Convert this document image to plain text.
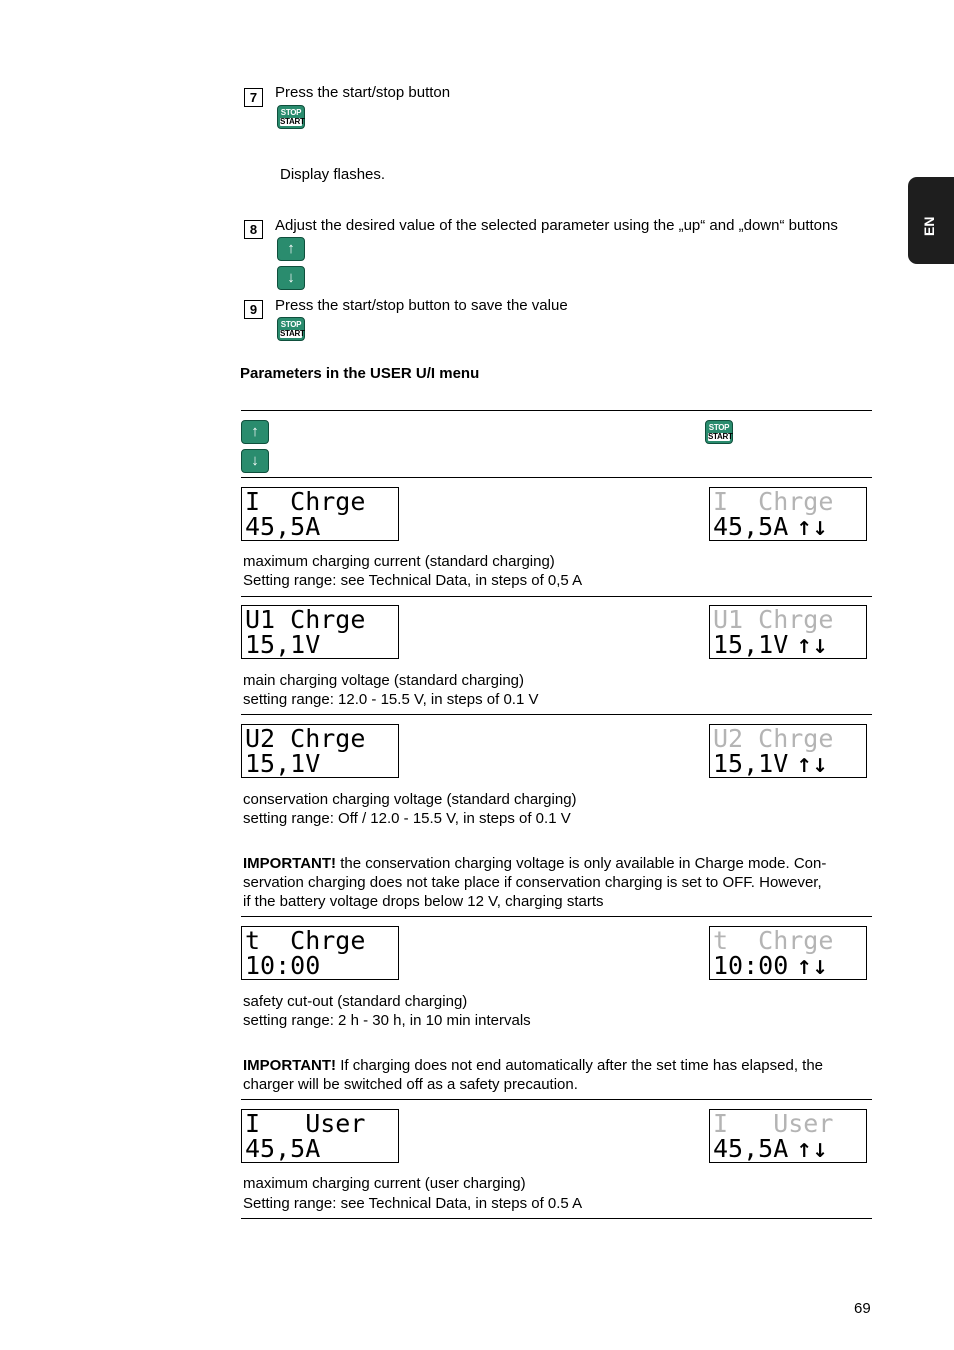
EN
7	Press the start/stop button
STOP
START
Display flashes.
8	Adjust the desired value of the selected parameter using the „up“ and „down“ buttons
↑
↓
9	Press the start/stop button to save the value
STOP
START
Parameters in the USER U/I menu
↑
↓
STOP
START
I  Chrge
45,5A
I  Chrge
45,5A ↑↓
maximum charging current (standard charging)
Setting range: see Technical Data, in steps of 0,5 A
U1 Chrge
15,1V
U1 Chrge
15,1V ↑↓
main charging voltage (standard charging)
setting range: 12.0 - 15.5 V, in steps of 0.1 V
U2 Chrge
15,1V
U2 Chrge
15,1V ↑↓
conservation charging voltage (standard charging)
setting range: Off / 12.0 - 15.5 V, in steps of 0.1 V
IMPORTANT! the conservation charging voltage is only available in Charge mode. Con-
servation charging does not take place if conservation charging is set to OFF. However,
if the battery voltage drops below 12 V, charging starts
t  Chrge
10:00
t  Chrge
10:00 ↑↓
safety cut-out (standard charging)
setting range: 2 h - 30 h, in 10 min intervals
IMPORTANT! If charging does not end automatically after the set time has elapsed, the
charger will be switched off as a safety precaution.
I   User
45,5A
I   User
45,5A ↑↓
maximum charging current (user charging)
Setting range: see Technical Data, in steps of 0.5 A
69
